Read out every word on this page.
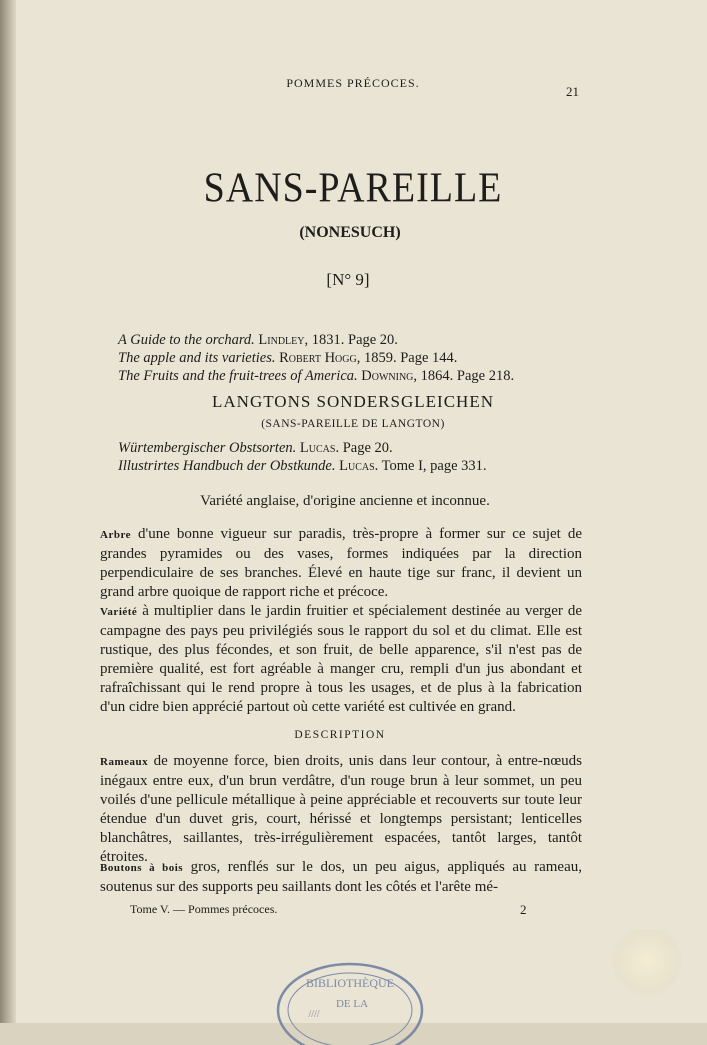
POMMES PRÉCOCES.
21
SANS-PAREILLE
(NONESUCH)
[N° 9]
A Guide to the orchard. Lindley, 1831. Page 20.
The apple and its varieties. Robert Hogg, 1859. Page 144.
The Fruits and the fruit-trees of America. Downing, 1864. Page 218.
LANGTONS SONDERSGLEICHEN
(SANS-PAREILLE DE LANGTON)
Würtembergischer Obstsorten. Lucas. Page 20.
Illustrirtes Handbuch der Obstkunde. Lucas. Tome I, page 331.
Variété anglaise, d'origine ancienne et inconnue.
Arbre d'une bonne vigueur sur paradis, très-propre à former sur ce sujet de grandes pyramides ou des vases, formes indiquées par la direction perpendiculaire de ses branches. Élevé en haute tige sur franc, il devient un grand arbre quoique de rapport riche et précoce.
Variété à multiplier dans le jardin fruitier et spécialement destinée au verger de campagne des pays peu privilégiés sous le rapport du sol et du climat. Elle est rustique, des plus fécondes, et son fruit, de belle apparence, s'il n'est pas de première qualité, est fort agréable à manger cru, rempli d'un jus abondant et rafraîchissant qui le rend propre à tous les usages, et de plus à la fabrication d'un cidre bien apprécié partout où cette variété est cultivée en grand.
DESCRIPTION
Rameaux de moyenne force, bien droits, unis dans leur contour, à entre-nœuds inégaux entre eux, d'un brun verdâtre, d'un rouge brun à leur sommet, un peu voilés d'une pellicule métallique à peine appréciable et recouverts sur toute leur étendue d'un duvet gris, court, hérissé et longtemps persistant; lenticelles blanchâtres, saillantes, très-irrégulièrement espacées, tantôt larges, tantôt étroites.
Boutons à bois gros, renflés sur le dos, un peu aigus, appliqués au rameau, soutenus sur des supports peu saillants dont les côtés et l'arête mé-
Tome V. — Pommes précoces.	2
BIBLIOTHÈQUE
DE LA
////
